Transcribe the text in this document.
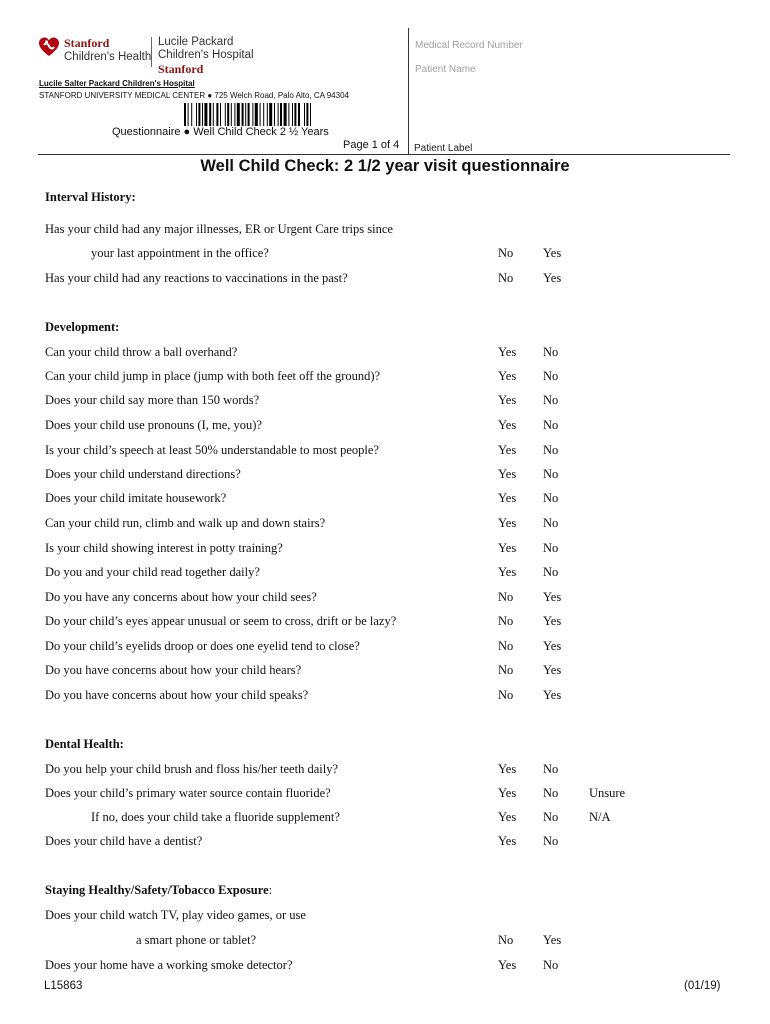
Stanford
Children's Health
Lucile Packard
Children's Hospital
Stanford
Lucile Salter Packard Children's Hospital
STANFORD UNIVERSITY MEDICAL CENTER ● 725 Welch Road, Palo Alto, CA 94304
Questionnaire ● Well Child Check 2 ½ Years
Page 1 of 4
Medical Record Number
Patient Name
Patient Label
Well Child Check: 2 1/2 year visit questionnaire
Interval History:
Has your child had any major illnesses, ER or Urgent Care trips since
your last appointment in the office?	No Yes
Has your child had any reactions to vaccinations in the past?	No Yes
Development:
Can your child throw a ball overhand?	Yes No
Can your child jump in place (jump with both feet off the ground)?	Yes No
Does your child say more than 150 words?	Yes No
Does your child use pronouns (I, me, you)?	Yes No
Is your child’s speech at least 50% understandable to most people?	Yes No
Does your child understand directions?	Yes No
Does your child imitate housework?	Yes No
Can your child run, climb and walk up and down stairs?	Yes No
Is your child showing interest in potty training?	Yes No
Do you and your child read together daily?	Yes No
Do you have any concerns about how your child sees?	No Yes
Do your child’s eyes appear unusual or seem to cross, drift or be lazy?	No Yes
Do your child’s eyelids droop or does one eyelid tend to close?	No Yes
Do you have concerns about how your child hears?	No Yes
Do you have concerns about how your child speaks?	No Yes
Dental Health:
Do you help your child brush and floss his/her teeth daily?	Yes No
Does your child’s primary water source contain fluoride?	Yes No Unsure
If no, does your child take a fluoride supplement?	Yes No N/A
Does your child have a dentist?	Yes No
Staying Healthy/Safety/Tobacco Exposure:
Does your child watch TV, play video games, or use
a smart phone or tablet?	No Yes
Does your home have a working smoke detector?	Yes No
L15863	(01/19)
